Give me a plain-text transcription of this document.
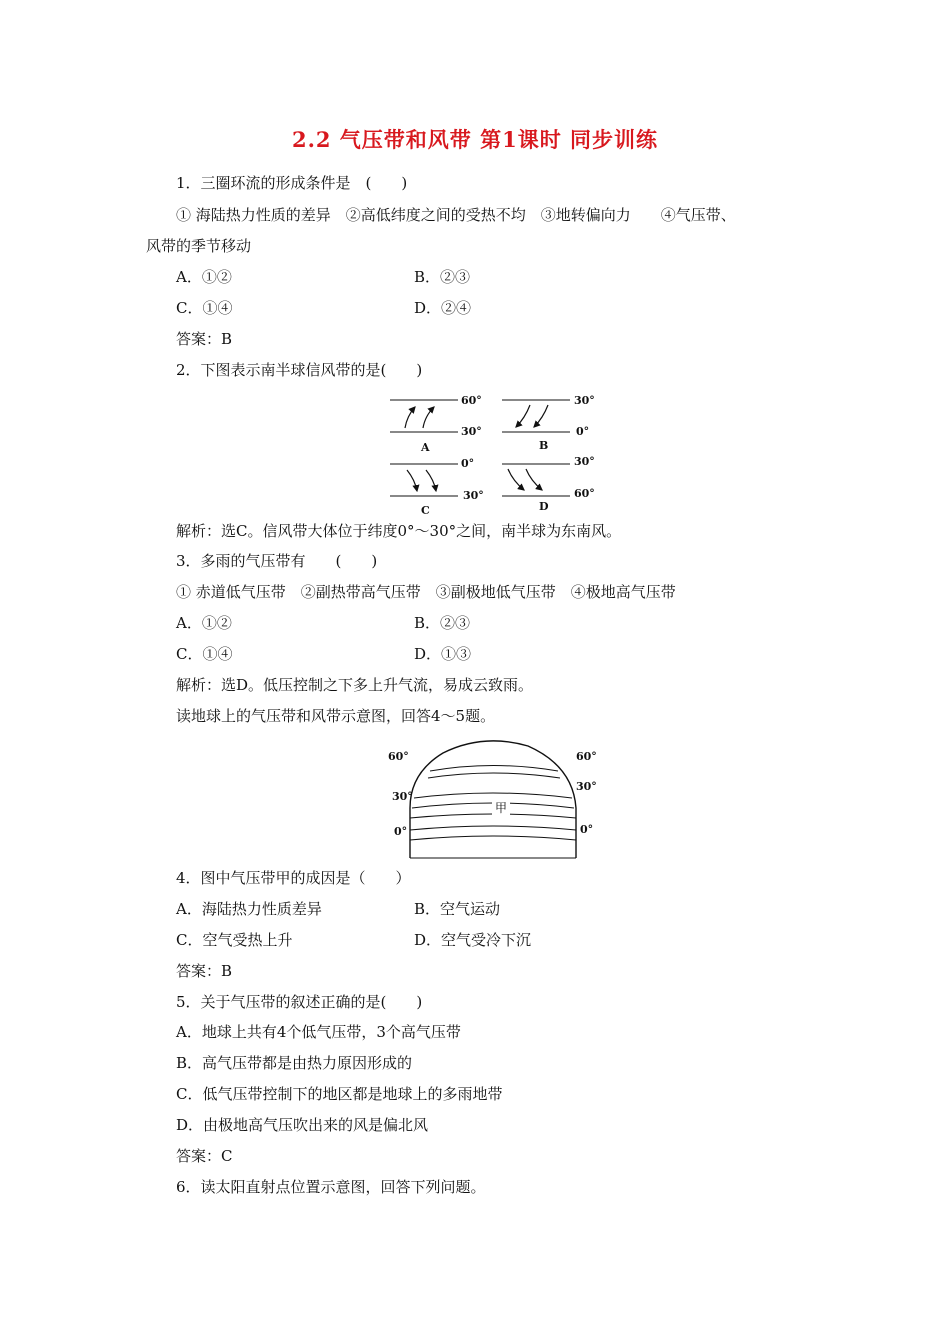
2.2 气压带和风带 第1课时 同步训练
1．三圈环流的形成条件是　(　　)
① 海陆热力性质的差异　②高低纬度之间的受热不均　③地转偏向力　　④气压带、
风带的季节移动
A．①②	B．②③
C．①④	D．②④
答案：B
2．下图表示南半球信风带的是(　　)
60°
30°
A
30°
0°
B
0°
30°
C
30°
60°
D
解析：选C。信风带大体位于纬度0°～30°之间，南半球为东南风。
3．多雨的气压带有　　(　　)
① 赤道低气压带　②副热带高气压带　③副极地低气压带　④极地高气压带
A．①②	B．②③
C．①④	D．①③
解析：选D。低压控制之下多上升气流，易成云致雨。
读地球上的气压带和风带示意图，回答4～5题。
60°	60°
30°
30°
0°	0°
甲
4．图中气压带甲的成因是（　　）
A．海陆热力性质差异	B．空气运动
C．空气受热上升	D．空气受冷下沉
答案：B
5．关于气压带的叙述正确的是(　　)
A．地球上共有4个低气压带，3个高气压带
B．高气压带都是由热力原因形成的
C．低气压带控制下的地区都是地球上的多雨地带
D．由极地高气压吹出来的风是偏北风
答案：C
6．读太阳直射点位置示意图，回答下列问题。
